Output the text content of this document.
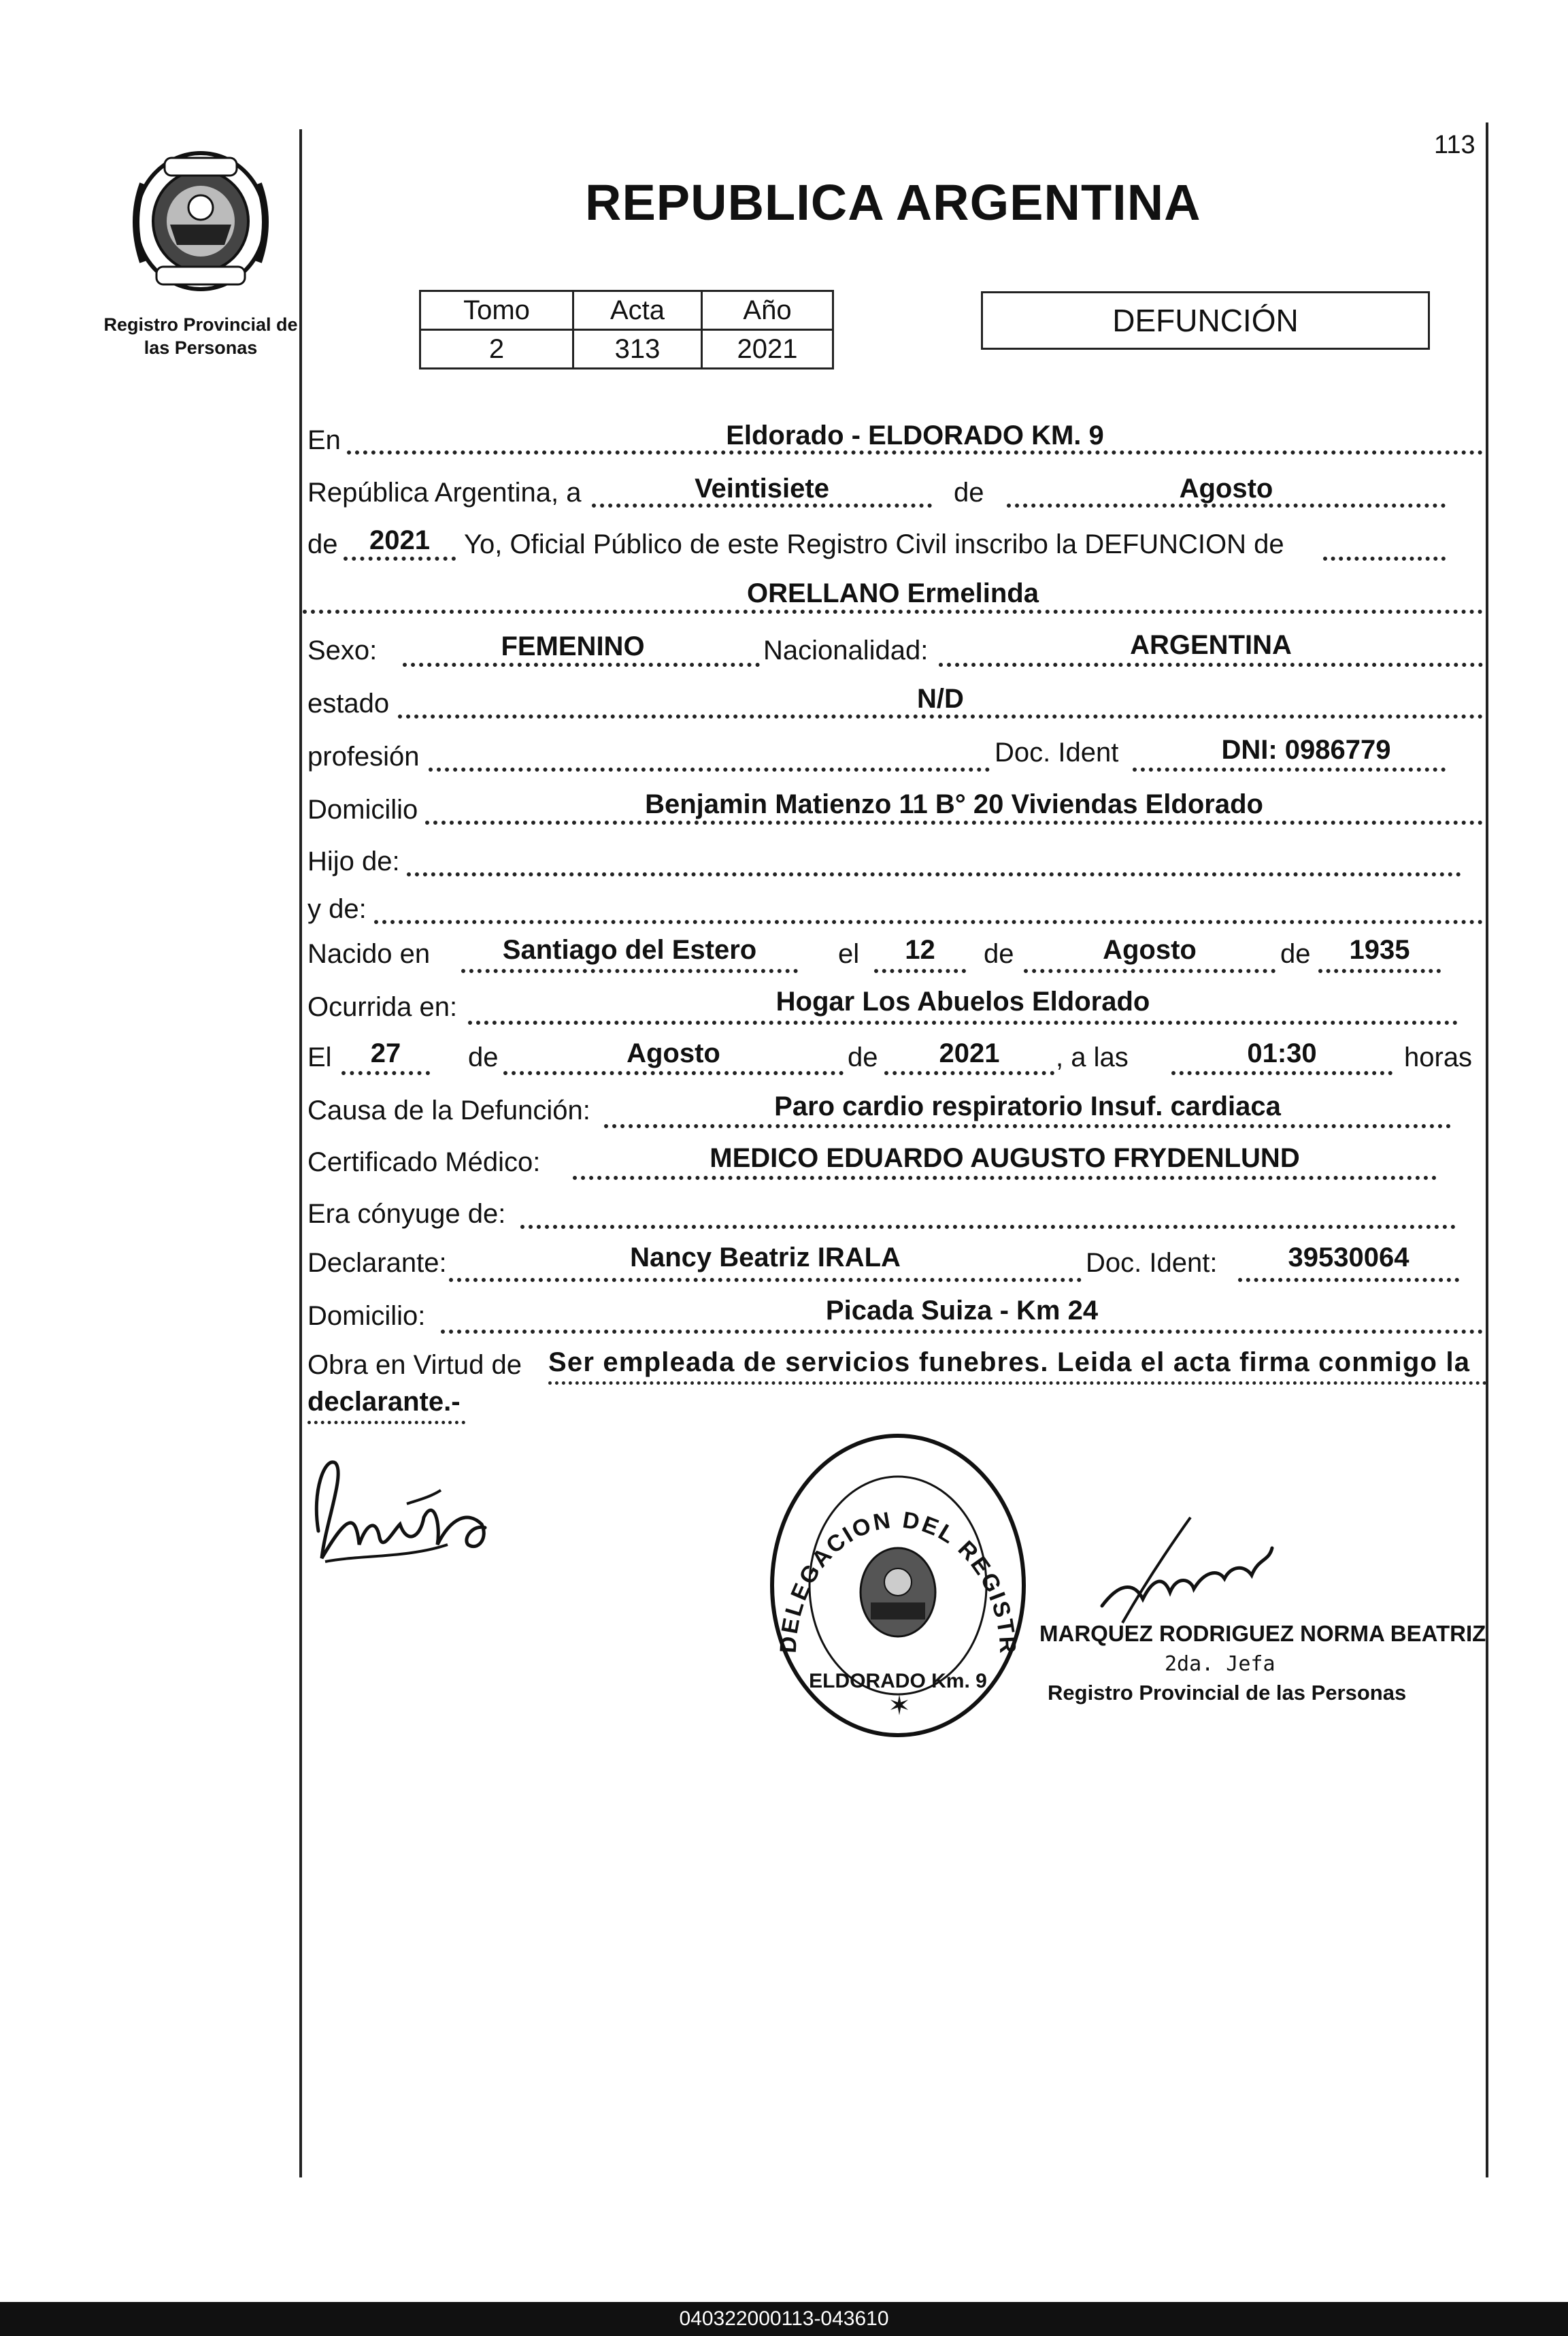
113
Registro Provincial de
las Personas
REPUBLICA ARGENTINA
Tomo	Acta	Año
2	313	2021
DEFUNCIÓN
En	Eldorado - ELDORADO KM. 9
República Argentina, a	Veintisiete	de	Agosto
de	2021	Yo, Oficial Público de este Registro Civil inscribo la DEFUNCION de
ORELLANO Ermelinda
Sexo:	FEMENINO	Nacionalidad:	ARGENTINA
estado	N/D
profesión	Doc. Ident	DNI: 0986779
Domicilio	Benjamin Matienzo 11 B° 20 Viviendas Eldorado
Hijo de:
y de:
Nacido en	Santiago del Estero	el	12	de	Agosto	de	1935
Ocurrida en:	Hogar Los Abuelos Eldorado
El	27	de	Agosto	de	2021	, a las	01:30	horas
Causa de la Defunción:	Paro cardio respiratorio Insuf. cardiaca
Certificado Médico:	MEDICO EDUARDO AUGUSTO FRYDENLUND
Era cónyuge de:
Declarante:	Nancy Beatriz IRALA	Doc. Ident:	39530064
Domicilio:	Picada Suiza - Km 24
Obra en Virtud de Ser empleada de servicios funebres. Leida el acta firma conmigo la
declarante.-
DELEGACION DEL REGISTR
ELDORADO Km. 9
✶
MARQUEZ RODRIGUEZ NORMA BEATRIZ
2da. Jefa
Registro Provincial de las Personas
040322000113-043610
